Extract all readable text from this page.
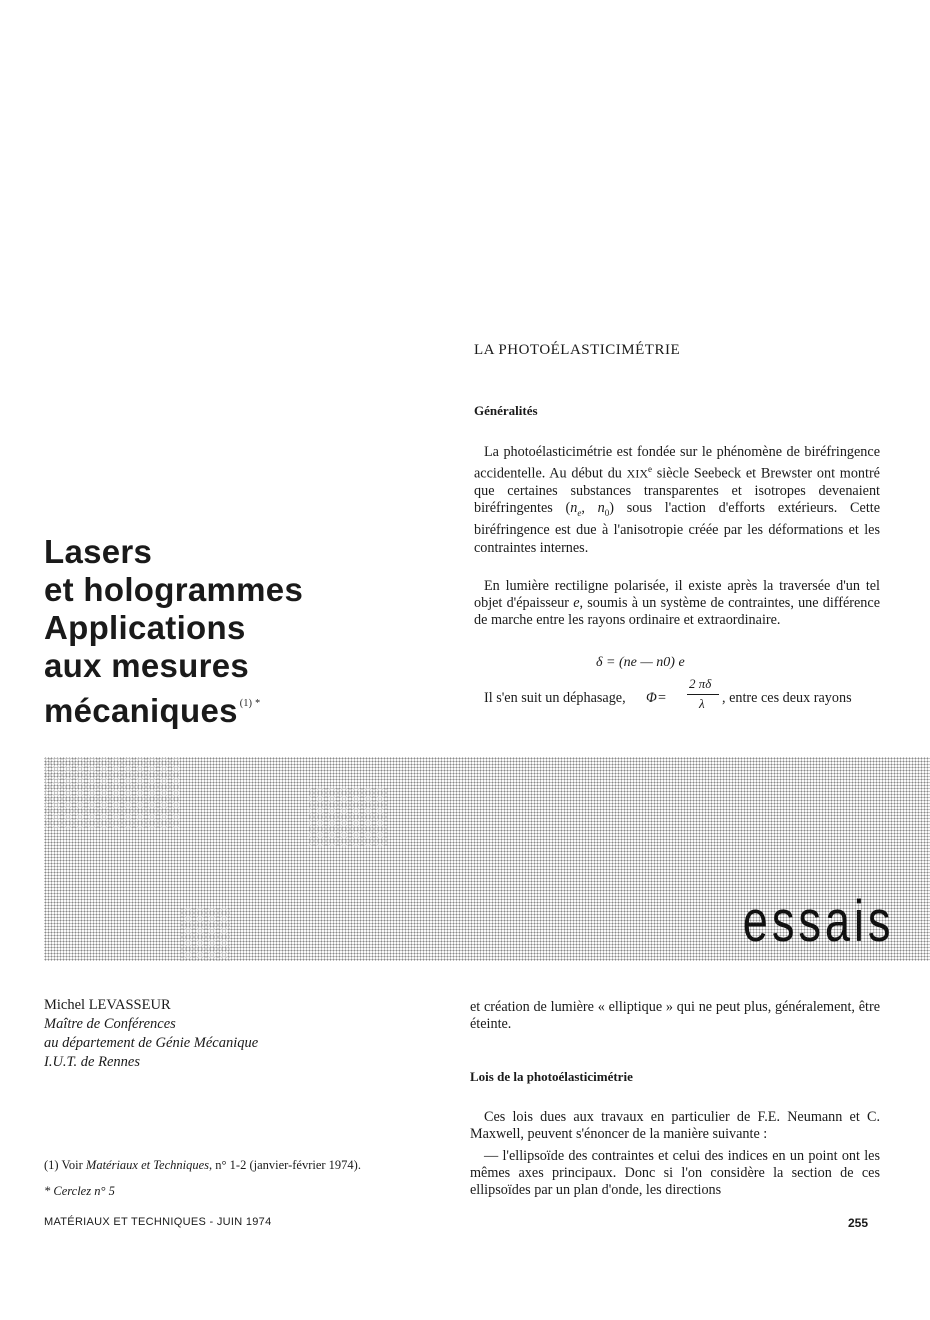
LA PHOTOÉLASTICIMÉTRIE
Généralités
La photoélasticimétrie est fondée sur le phénomène de biréfringence accidentelle. Au début du XIXe siècle Seebeck et Brewster ont montré que certaines substances transparentes et isotropes devenaient biréfringentes ($n_e$, $n_0$) sous l'action d'efforts extérieurs. Cette biréfringence est due à l'anisotropie créée par les déformations et les contraintes internes.
En lumière rectiligne polarisée, il existe après la traversée d'un tel objet d'épaisseur e, soumis à un système de contraintes, une différence de marche entre les rayons ordinaire et extraordinaire.
δ = (ne — n0) e
Il s'en suit un déphasage, Φ =
2 πδ
λ , entre ces deux rayons
Lasers
et hologrammes
Applications
aux mesures
mécaniques $^{(1) *}$
essais
Michel LEVASSEUR
Maître de Conférences
au département de Génie Mécanique
I.U.T. de Rennes
(1) Voir Matériaux et Techniques, n° 1-2 (janvier-février 1974).
* Cerclez n° 5
et création de lumière « elliptique » qui ne peut plus, généralement, être éteinte.
Lois de la photoélasticimétrie
Ces lois dues aux travaux en particulier de F.E. Neumann et C. Maxwell, peuvent s'énoncer de la manière suivante :
— l'ellipsoïde des contraintes et celui des indices en un point ont les mêmes axes principaux. Donc si l'on considère la section de ces ellipsoïdes par un plan d'onde, les directions
MATÉRIAUX ET TECHNIQUES - JUIN 1974	255
